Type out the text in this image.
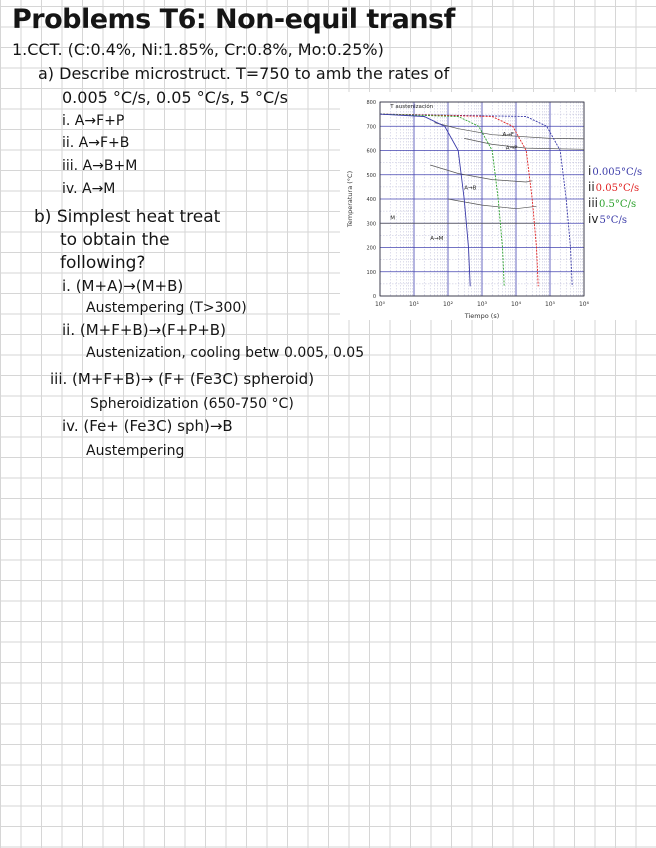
Problems T6: Non-equil transf
1.CCT. (C:0.4%, Ni:1.85%, Cr:0.8%, Mo:0.25%)
a) Describe microstruct. T=750 to amb the rates of
0.005 °C/s, 0.05 °C/s, 5 °C/s
i. A→F+P
ii. A→F+B
iii. A→B+M
iv. A→M
b) Simplest heat treat
to obtain the
following?
i. (M+A)→(M+B)
Austempering (T>300)
ii. (M+F+B)→(F+P+B)
Austenization, cooling betw 0.005, 0.05
iii. (M+F+B)→ (F+ (Fe3C) spheroid)
Spheroidization (650-750 °C)
iv. (Fe+ (Fe3C) sph)→B
Austempering
10⁰	10¹	10²	10³	10⁴	10⁵	10⁶
0
100
200
300
400
500
600
700
800
T austenización
A→F
A→P
A→B
M
A→M
Tiempo (s)
Temperatura (°C)	i0.005°C/s
ii0.05°C/s
iii0.5°C/s
iv5°C/s
